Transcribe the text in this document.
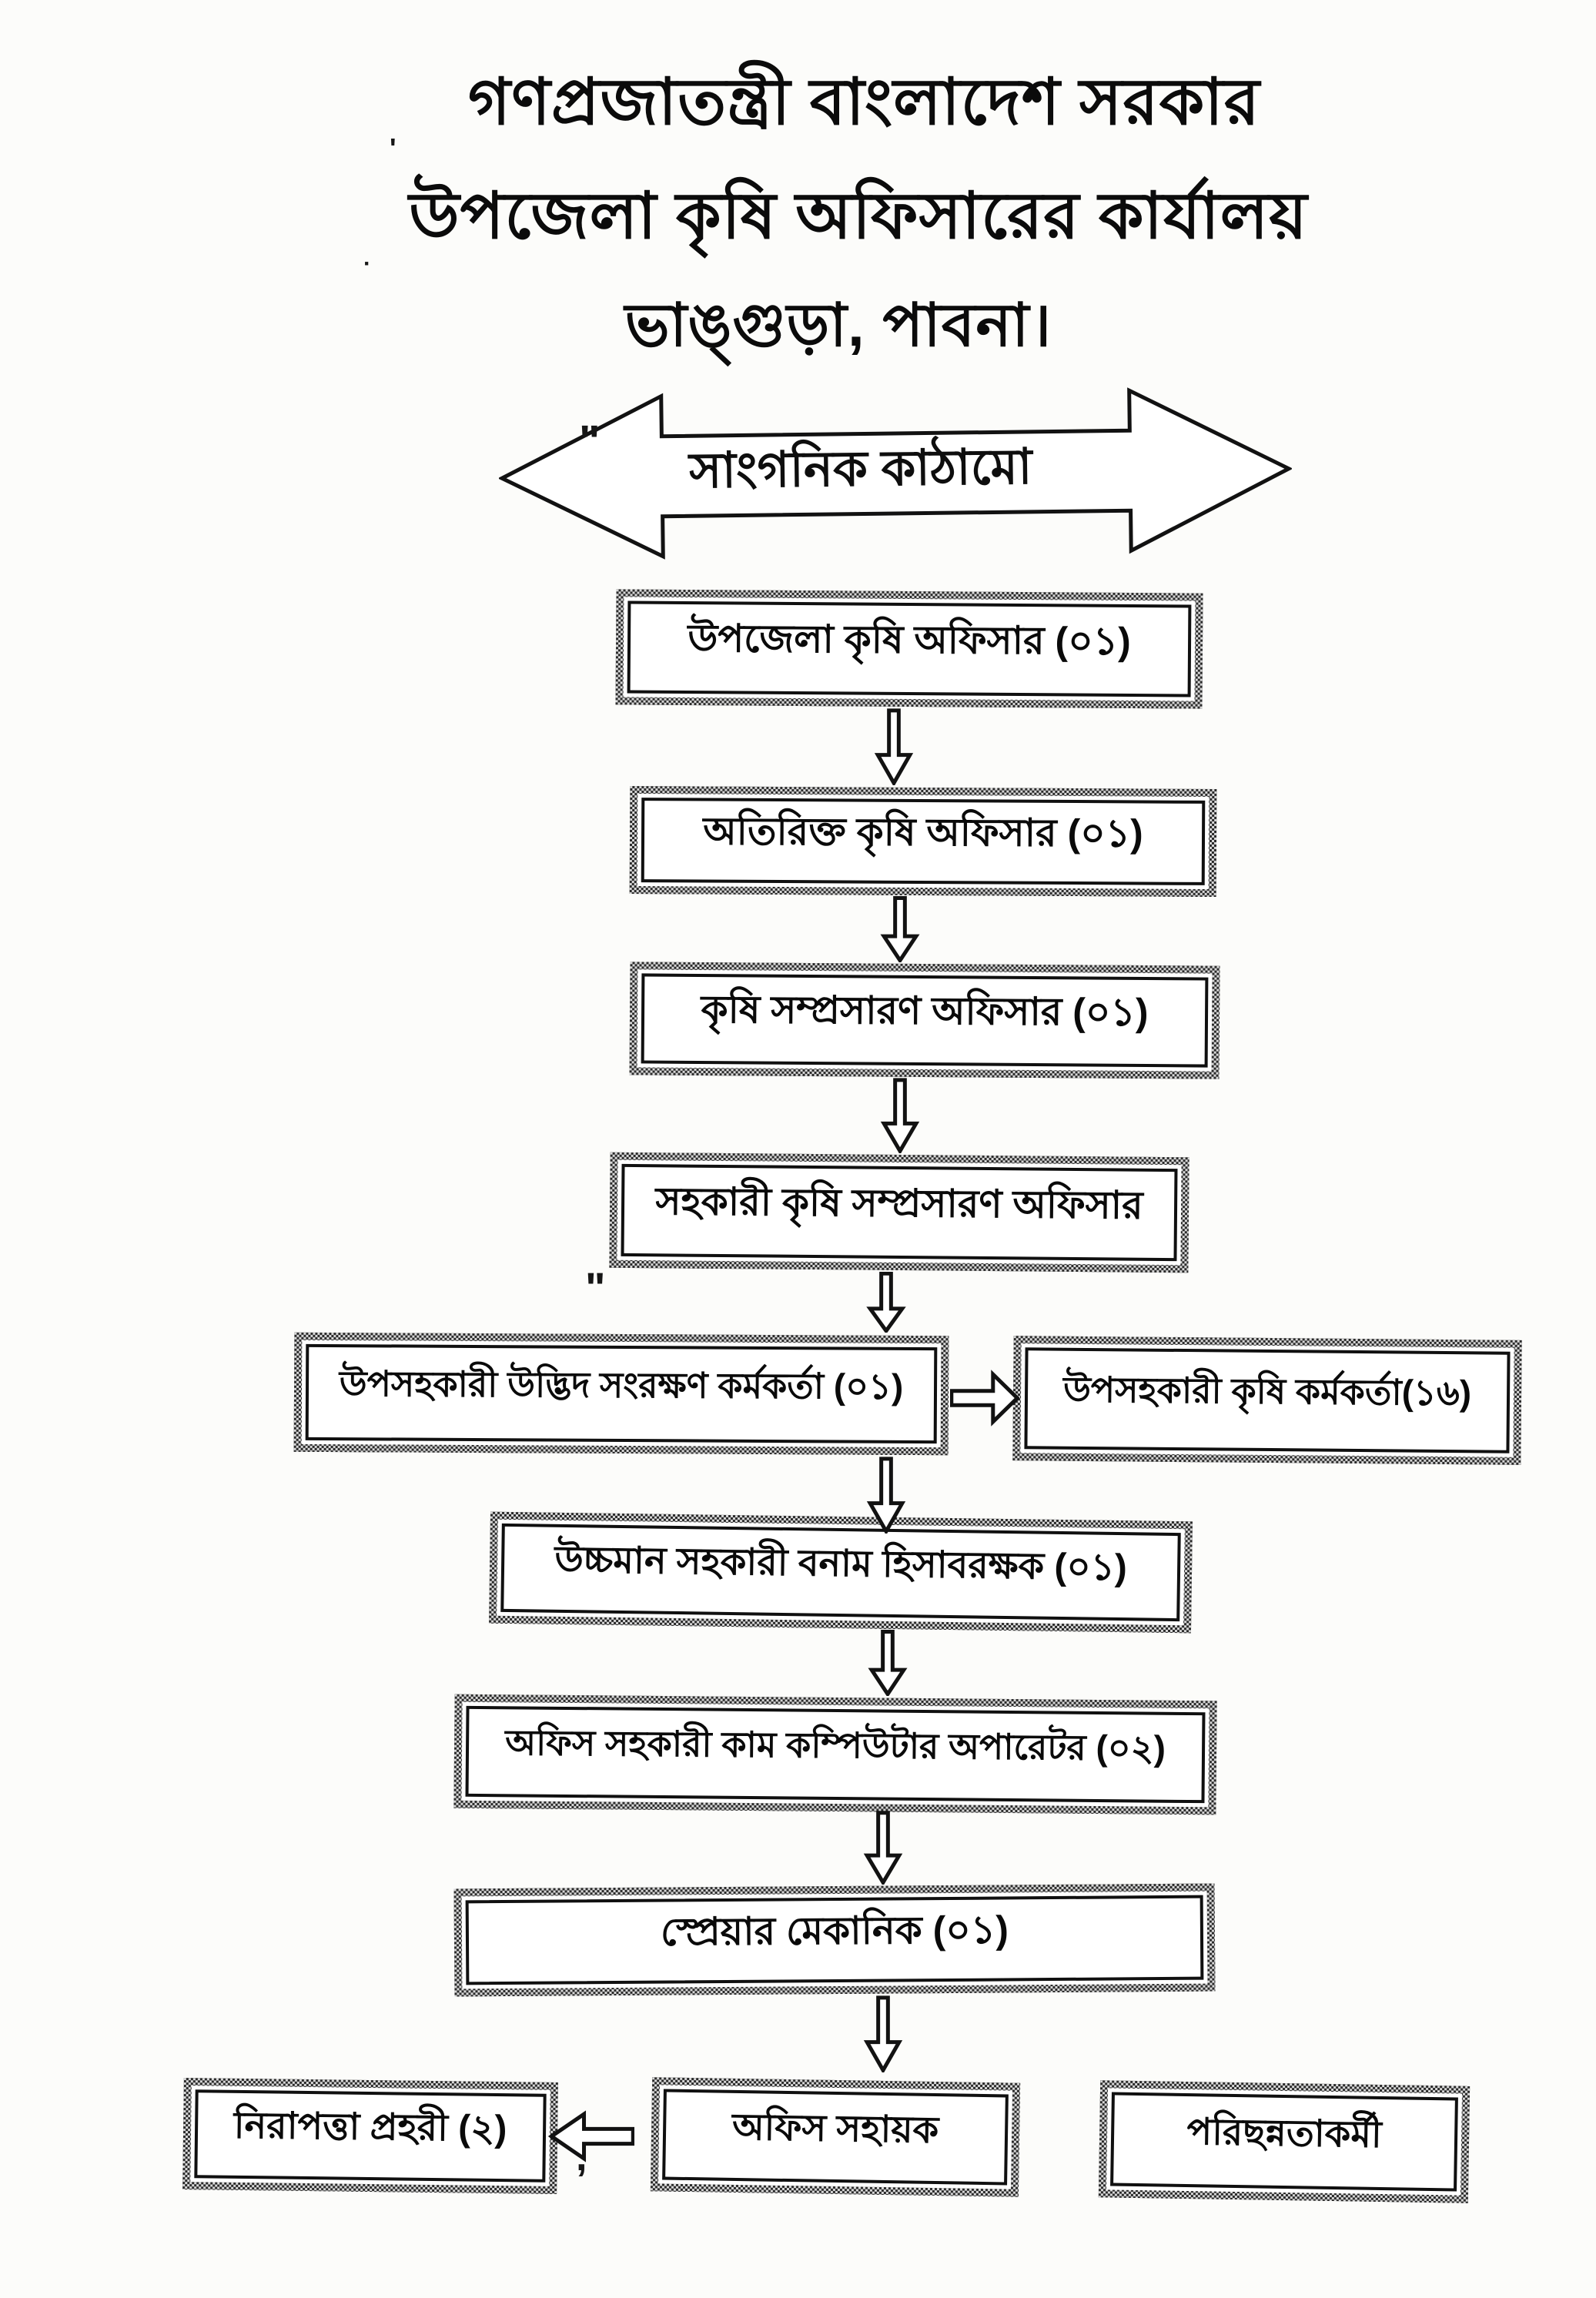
গণপ্রজাতন্ত্রী বাংলাদেশ সরকার
উপজেলা কৃষি অফিসারের কার্যালয়
ভাঙ্গুড়া, পাবনা।
সাংগনিক কাঠামো
উপজেলা কৃষি অফিসার (০১)
অতিরিক্ত কৃষি অফিসার (০১)
কৃষি সম্প্রসারণ অফিসার (০১)
সহকারী কৃষি সম্প্রসারণ অফিসার
উপসহকারী উদ্ভিদ সংরক্ষণ কর্মকর্তা (০১)	উপসহকারী কৃষি কর্মকর্তা(১৬)
উচ্চমান সহকারী বনাম হিসাবরক্ষক (০১)
অফিস সহকারী কাম কম্পিউটার অপারেটর (০২)
স্প্রেয়ার মেকানিক (০১)
নিরাপত্তা প্রহরী (২)	অফিস সহায়ক	পরিছন্নতাকর্মী
'
"
"
,
·
